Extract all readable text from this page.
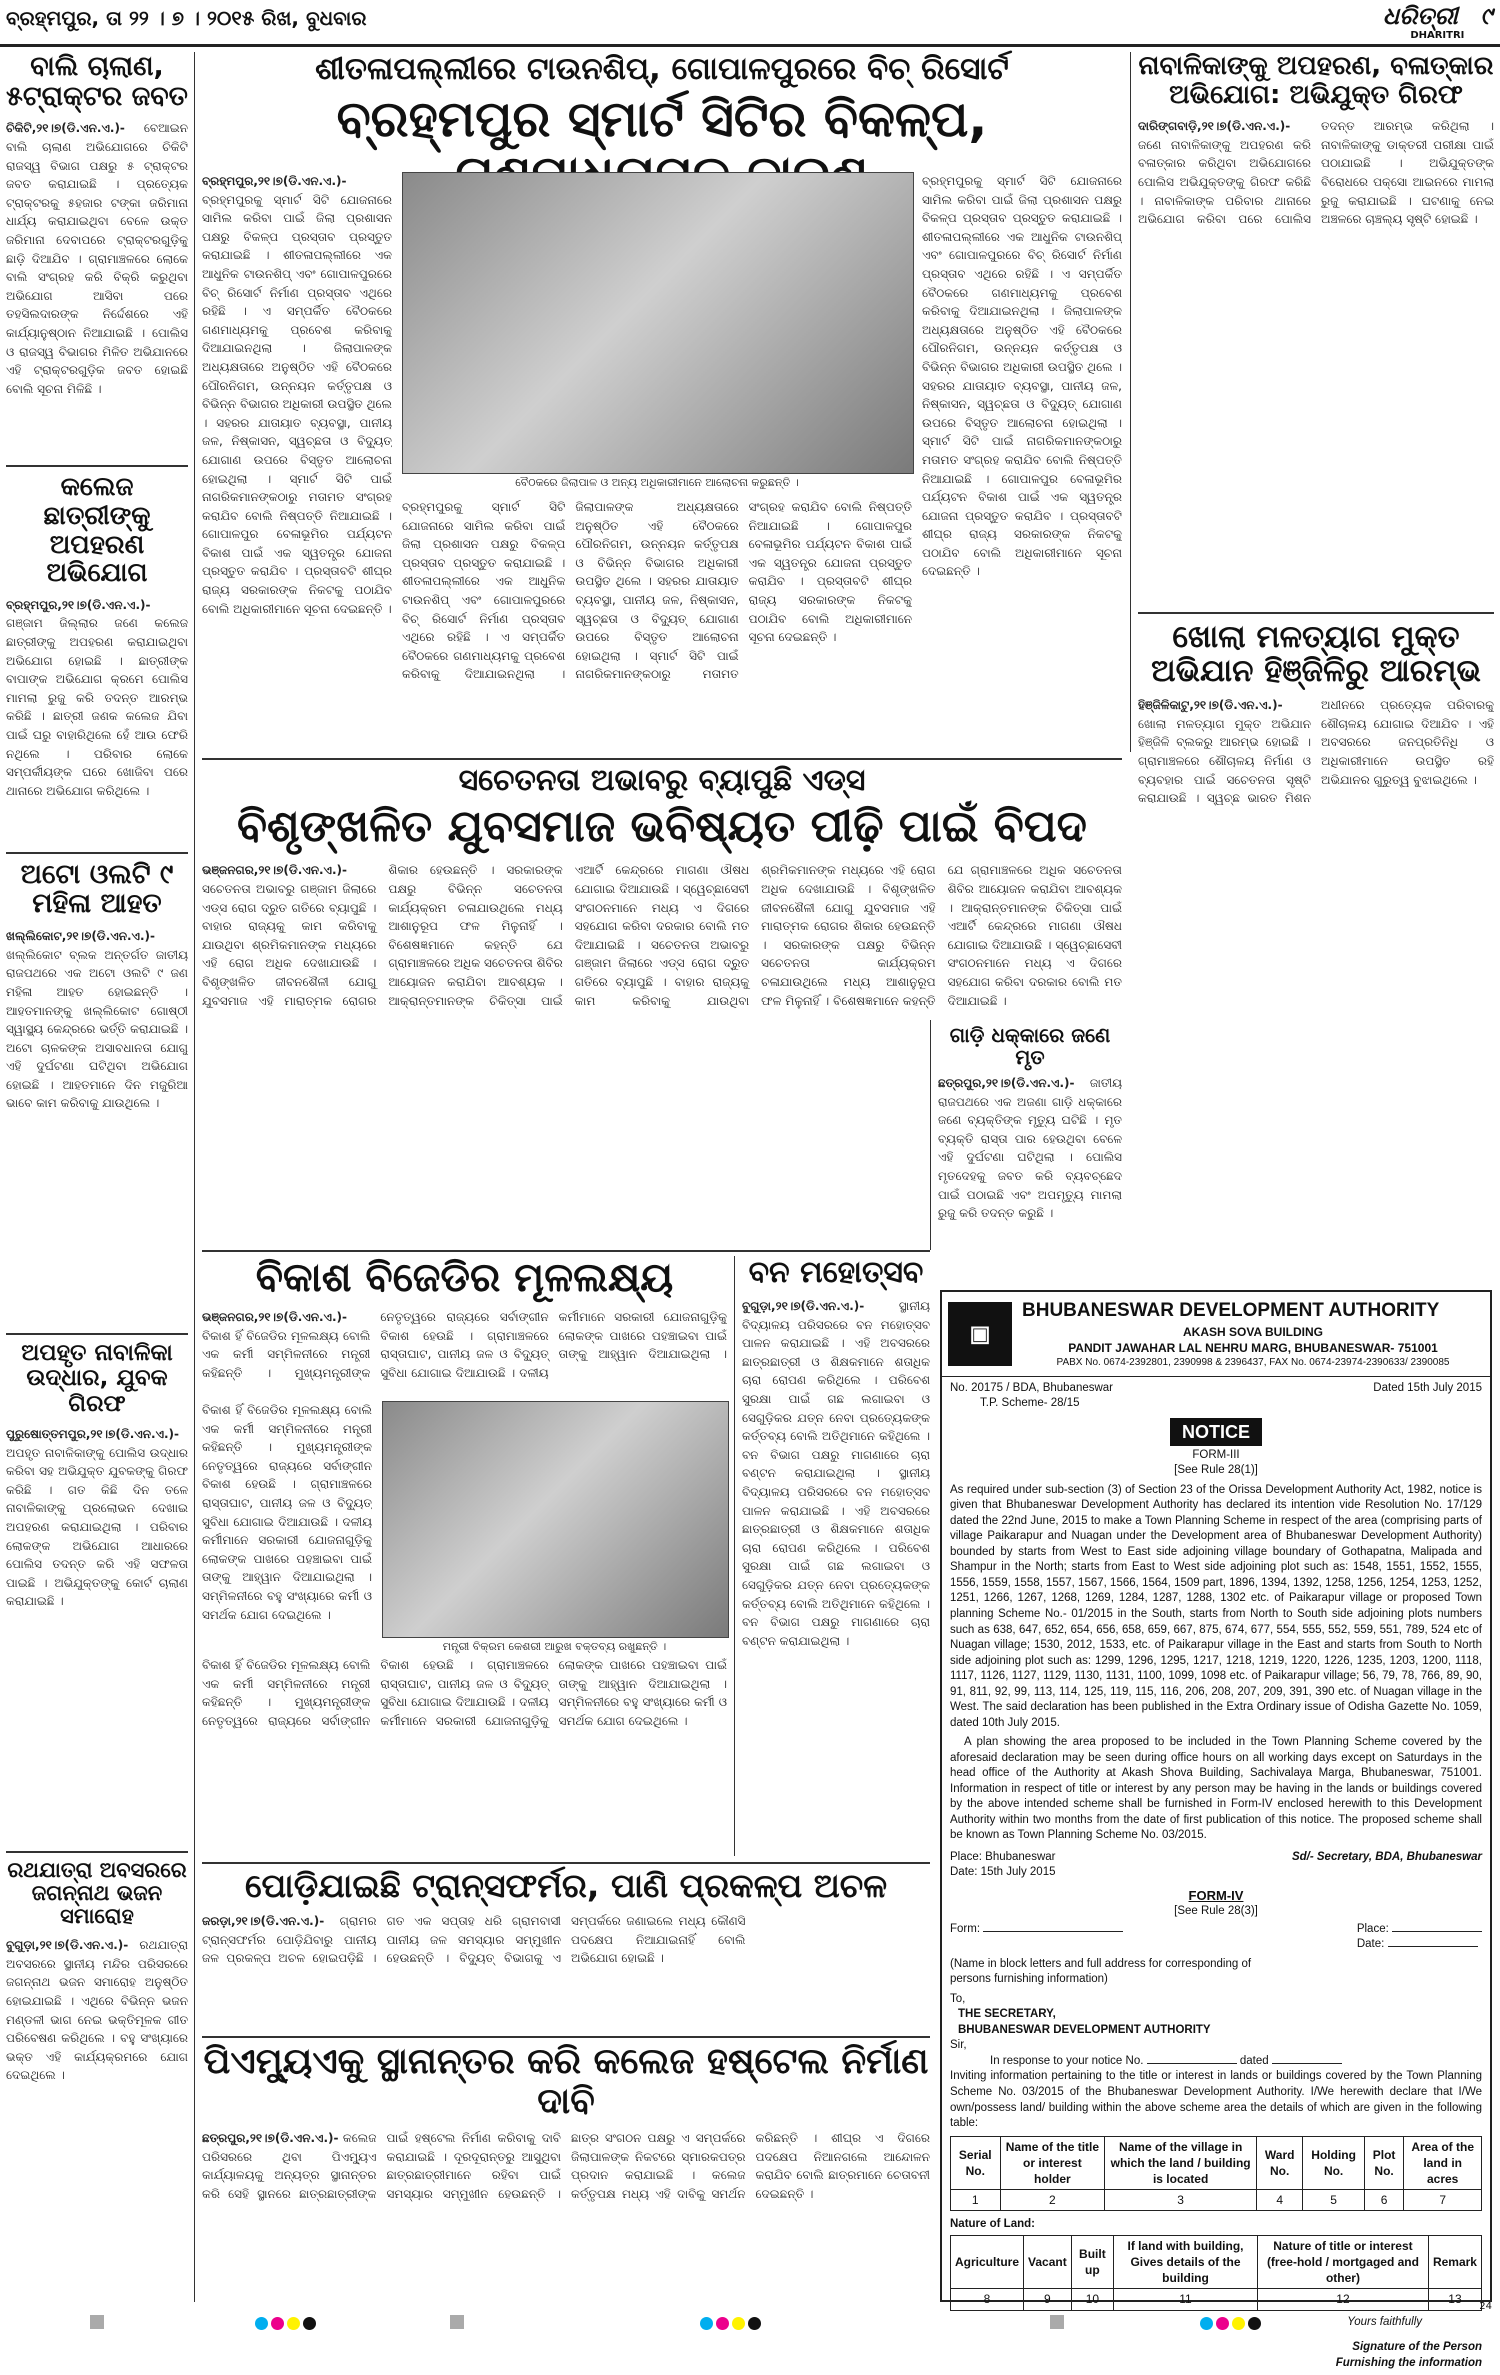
ବ୍ରହ୍ମପୁର, ତା ୨୨ । ୭ । ୨୦୧୫ ରିଖ, ବୁଧବାର	ଧରିତ୍ରୀ ୯
DHARITRI
ବାଲି ଚାଲାଣ, ୫ଟ୍ରାକ୍ଟର ଜବତ
ଚିକିଟି,୨୧।୭(ଡି.ଏନ.ଏ.)- ବେଆଇନ ବାଲି ଚାଲାଣ ଅଭିଯୋଗରେ ଚିକିଟି ରାଜସ୍ୱ ବିଭାଗ ପକ୍ଷରୁ ୫ ଟ୍ରାକ୍ଟର ଜବତ କରାଯାଇଛି । ପ୍ରତ୍ୟେକ ଟ୍ରାକ୍ଟରକୁ ୫ହଜାର ଟଙ୍କା ଜରିମାନା ଧାର୍ଯ୍ୟ କରାଯାଇଥିବା ବେଳେ ଉକ୍ତ ଜରିମାନା ଦେବାପରେ ଟ୍ରାକ୍ଟରଗୁଡ଼ିକୁ ଛାଡ଼ି ଦିଆଯିବ । ଗ୍ରାମାଞ୍ଚଳରେ ଲୋକେ ବାଲି ସଂଗ୍ରହ କରି ବିକ୍ରି କରୁଥିବା ଅଭିଯୋଗ ଆସିବା ପରେ ତହସିଲଦାରଙ୍କ ନିର୍ଦ୍ଦେଶରେ ଏହି କାର୍ଯ୍ୟାନୁଷ୍ଠାନ ନିଆଯାଇଛି । ପୋଲିସ ଓ ରାଜସ୍ୱ ବିଭାଗର ମିଳିତ ଅଭିଯାନରେ ଏହି ଟ୍ରାକ୍ଟରଗୁଡ଼ିକ ଜବତ ହୋଇଛି ବୋଲି ସୂଚନା ମିଳିଛି ।
କଲେଜ ଛାତ୍ରୀଙ୍କୁ ଅପହରଣ ଅଭିଯୋଗ
ବ୍ରହ୍ମପୁର,୨୧।୭(ଡି.ଏନ.ଏ.)- ଗଞ୍ଜାମ ଜିଲ୍ଲାର ଜଣେ କଲେଜ ଛାତ୍ରୀଙ୍କୁ ଅପହରଣ କରାଯାଇଥିବା ଅଭିଯୋଗ ହୋଇଛି । ଛାତ୍ରୀଙ୍କ ବାପାଙ୍କ ଅଭିଯୋଗ କ୍ରମେ ପୋଲିସ ମାମଲା ରୁଜୁ କରି ତଦନ୍ତ ଆରମ୍ଭ କରିଛି । ଛାତ୍ରୀ ଜଣକ କଲେଜ ଯିବା ପାଇଁ ଘରୁ ବାହାରିଥିଲେ ହେଁ ଆଉ ଫେରି ନଥିଲେ । ପରିବାର ଲୋକେ ସମ୍ପର୍କୀୟଙ୍କ ଘରେ ଖୋଜିବା ପରେ ଥାନାରେ ଅଭିଯୋଗ କରିଥିଲେ ।
ଅଟୋ ଓଲଟି ୯ ମହିଳା ଆହତ
ଖଲ୍ଲିକୋଟ,୨୧।୭(ଡି.ଏନ.ଏ.)- ଖଲ୍ଲିକୋଟ ବ୍ଲକ ଅନ୍ତର୍ଗତ ଜାତୀୟ ରାଜପଥରେ ଏକ ଅଟୋ ଓଲଟି ୯ ଜଣ ମହିଳା ଆହତ ହୋଇଛନ୍ତି । ଆହତମାନଙ୍କୁ ଖଲ୍ଲିକୋଟ ଗୋଷ୍ଠୀ ସ୍ୱାସ୍ଥ୍ୟ କେନ୍ଦ୍ରରେ ଭର୍ତ୍ତି କରାଯାଇଛି । ଅଟୋ ଚାଳକଙ୍କ ଅସାବଧାନତା ଯୋଗୁ ଏହି ଦୁର୍ଘଟଣା ଘଟିଥିବା ଅଭିଯୋଗ ହୋଇଛି । ଆହତମାନେ ଦିନ ମଜୁରିଆ ଭାବେ କାମ କରିବାକୁ ଯାଉଥିଲେ ।
ଅପହୃତ ନାବାଳିକା ଉଦ୍ଧାର, ଯୁବକ ଗିରଫ
ପୁରୁଷୋତ୍ତମପୁର,୨୧।୭(ଡି.ଏନ.ଏ.)- ଅପହୃତ ନାବାଳିକାଙ୍କୁ ପୋଲିସ ଉଦ୍ଧାର କରିବା ସହ ଅଭିଯୁକ୍ତ ଯୁବକଙ୍କୁ ଗିରଫ କରିଛି । ଗତ କିଛି ଦିନ ତଳେ ନାବାଳିକାଙ୍କୁ ପ୍ରଲୋଭନ ଦେଖାଇ ଅପହରଣ କରାଯାଇଥିଲା । ପରିବାର ଲୋକଙ୍କ ଅଭିଯୋଗ ଆଧାରରେ ପୋଲିସ ତଦନ୍ତ କରି ଏହି ସଫଳତା ପାଇଛି । ଅଭିଯୁକ୍ତଙ୍କୁ କୋର୍ଟ ଚାଲାଣ କରାଯାଇଛି ।
ରଥଯାତ୍ରା ଅବସରରେ ଜଗନ୍ନାଥ ଭଜନ ସମାରୋହ
ବୁଗୁଡ଼ା,୨୧।୭(ଡି.ଏନ.ଏ.)- ରଥଯାତ୍ରା ଅବସରରେ ସ୍ଥାନୀୟ ମନ୍ଦିର ପରିସରରେ ଜଗନ୍ନାଥ ଭଜନ ସମାରୋହ ଅନୁଷ୍ଠିତ ହୋଇଯାଇଛି । ଏଥିରେ ବିଭିନ୍ନ ଭଜନ ମଣ୍ଡଳୀ ଭାଗ ନେଇ ଭକ୍ତିମୂଳକ ଗୀତ ପରିବେଷଣ କରିଥିଲେ । ବହୁ ସଂଖ୍ୟାରେ ଭକ୍ତ ଏହି କାର୍ଯ୍ୟକ୍ରମରେ ଯୋଗ ଦେଇଥିଲେ ।
ଶୀତଳାପଲ୍ଲୀରେ ଟାଉନଶିପ୍, ଗୋପାଳପୁରରେ ବିଚ୍ ରିସୋର୍ଟ
ବ୍ରହ୍ମପୁର ସ୍ମାର୍ଟ ସିଟିର ବିକଳ୍ପ,
ବ୍ରହ୍ମପୁର,୨୧।୭(ଡି.ଏନ.ଏ.)- ବ୍ରହ୍ମପୁରକୁ ସ୍ମାର୍ଟ ସିଟି ଯୋଜନାରେ ସାମିଲ କରିବା ପାଇଁ ଜିଲା ପ୍ରଶାସନ ପକ୍ଷରୁ ବିକଳ୍ପ ପ୍ରସ୍ତାବ ପ୍ରସ୍ତୁତ କରାଯାଇଛି । ଶୀତଳାପଲ୍ଲୀରେ ଏକ ଆଧୁନିକ ଟାଉନଶିପ୍ ଏବଂ ଗୋପାଳପୁରରେ ବିଚ୍ ରିସୋର୍ଟ ନିର୍ମାଣ ପ୍ରସ୍ତାବ ଏଥିରେ ରହିଛି । ଏ ସମ୍ପର୍କିତ ବୈଠକରେ ଗଣମାଧ୍ୟମକୁ ପ୍ରବେଶ କରିବାକୁ ଦିଆଯାଇନଥିଲା । ଜିଲାପାଳଙ୍କ ଅଧ୍ୟକ୍ଷତାରେ ଅନୁଷ୍ଠିତ ଏହି ବୈଠକରେ ପୌରନିଗମ, ଉନ୍ନୟନ କର୍ତ୍ତୃପକ୍ଷ ଓ ବିଭିନ୍ନ ବିଭାଗର ଅଧିକାରୀ ଉପସ୍ଥିତ ଥିଲେ । ସହରର ଯାତାୟାତ ବ୍ୟବସ୍ଥା, ପାନୀୟ ଜଳ, ନିଷ୍କାସନ, ସ୍ୱଚ୍ଛତା ଓ ବିଦ୍ୟୁତ୍ ଯୋଗାଣ ଉପରେ ବିସ୍ତୃତ ଆଲୋଚନା ହୋଇଥିଲା । ସ୍ମାର୍ଟ ସିଟି ପାଇଁ ନାଗରିକମାନଙ୍କଠାରୁ ମତାମତ ସଂଗ୍ରହ କରାଯିବ ବୋଲି ନିଷ୍ପତ୍ତି ନିଆଯାଇଛି । ଗୋପାଳପୁର ବେଳାଭୂମିର ପର୍ଯ୍ୟଟନ ବିକାଶ ପାଇଁ ଏକ ସ୍ୱତନ୍ତ୍ର ଯୋଜନା ପ୍ରସ୍ତୁତ କରାଯିବ । ପ୍ରସ୍ତାବଟି ଶୀଘ୍ର ରାଜ୍ୟ ସରକାରଙ୍କ ନିକଟକୁ ପଠାଯିବ ବୋଲି ଅଧିକାରୀମାନେ ସୂଚନା ଦେଇଛନ୍ତି ।
ବୈଠକରେ ଜିଲାପାଳ ଓ ଅନ୍ୟ ଅଧିକାରୀମାନେ ଆଲୋଚନା କରୁଛନ୍ତି ।
ବ୍ରହ୍ମପୁରକୁ ସ୍ମାର୍ଟ ସିଟି ଯୋଜନାରେ ସାମିଲ କରିବା ପାଇଁ ଜିଲା ପ୍ରଶାସନ ପକ୍ଷରୁ ବିକଳ୍ପ ପ୍ରସ୍ତାବ ପ୍ରସ୍ତୁତ କରାଯାଇଛି । ଶୀତଳାପଲ୍ଲୀରେ ଏକ ଆଧୁନିକ ଟାଉନଶିପ୍ ଏବଂ ଗୋପାଳପୁରରେ ବିଚ୍ ରିସୋର୍ଟ ନିର୍ମାଣ ପ୍ରସ୍ତାବ ଏଥିରେ ରହିଛି । ଏ ସମ୍ପର୍କିତ ବୈଠକରେ ଗଣମାଧ୍ୟମକୁ ପ୍ରବେଶ କରିବାକୁ ଦିଆଯାଇନଥିଲା । ଜିଲାପାଳଙ୍କ ଅଧ୍ୟକ୍ଷତାରେ ଅନୁଷ୍ଠିତ ଏହି ବୈଠକରେ ପୌରନିଗମ, ଉନ୍ନୟନ କର୍ତ୍ତୃପକ୍ଷ ଓ ବିଭିନ୍ନ ବିଭାଗର ଅଧିକାରୀ ଉପସ୍ଥିତ ଥିଲେ । ସହରର ଯାତାୟାତ ବ୍ୟବସ୍ଥା, ପାନୀୟ ଜଳ, ନିଷ୍କାସନ, ସ୍ୱଚ୍ଛତା ଓ ବିଦ୍ୟୁତ୍ ଯୋଗାଣ ଉପରେ ବିସ୍ତୃତ ଆଲୋଚନା ହୋଇଥିଲା । ସ୍ମାର୍ଟ ସିଟି ପାଇଁ ନାଗରିକମାନଙ୍କଠାରୁ ମତାମତ ସଂଗ୍ରହ କରାଯିବ ବୋଲି ନିଷ୍ପତ୍ତି ନିଆଯାଇଛି । ଗୋପାଳପୁର ବେଳାଭୂମିର ପର୍ଯ୍ୟଟନ ବିକାଶ ପାଇଁ ଏକ ସ୍ୱତନ୍ତ୍ର ଯୋଜନା ପ୍ରସ୍ତୁତ କରାଯିବ । ପ୍ରସ୍ତାବଟି ଶୀଘ୍ର ରାଜ୍ୟ ସରକାରଙ୍କ ନିକଟକୁ ପଠାଯିବ ବୋଲି ଅଧିକାରୀମାନେ ସୂଚନା ଦେଇଛନ୍ତି ।
ବ୍ରହ୍ମପୁରକୁ ସ୍ମାର୍ଟ ସିଟି ଯୋଜନାରେ ସାମିଲ କରିବା ପାଇଁ ଜିଲା ପ୍ରଶାସନ ପକ୍ଷରୁ ବିକଳ୍ପ ପ୍ରସ୍ତାବ ପ୍ରସ୍ତୁତ କରାଯାଇଛି । ଶୀତଳାପଲ୍ଲୀରେ ଏକ ଆଧୁନିକ ଟାଉନଶିପ୍ ଏବଂ ଗୋପାଳପୁରରେ ବିଚ୍ ରିସୋର୍ଟ ନିର୍ମାଣ ପ୍ରସ୍ତାବ ଏଥିରେ ରହିଛି । ଏ ସମ୍ପର୍କିତ ବୈଠକରେ ଗଣମାଧ୍ୟମକୁ ପ୍ରବେଶ କରିବାକୁ ଦିଆଯାଇନଥିଲା । ଜିଲାପାଳଙ୍କ ଅଧ୍ୟକ୍ଷତାରେ ଅନୁଷ୍ଠିତ ଏହି ବୈଠକରେ ପୌରନିଗମ, ଉନ୍ନୟନ କର୍ତ୍ତୃପକ୍ଷ ଓ ବିଭିନ୍ନ ବିଭାଗର ଅଧିକାରୀ ଉପସ୍ଥିତ ଥିଲେ । ସହରର ଯାତାୟାତ ବ୍ୟବସ୍ଥା, ପାନୀୟ ଜଳ, ନିଷ୍କାସନ, ସ୍ୱଚ୍ଛତା ଓ ବିଦ୍ୟୁତ୍ ଯୋଗାଣ ଉପରେ ବିସ୍ତୃତ ଆଲୋଚନା ହୋଇଥିଲା । ସ୍ମାର୍ଟ ସିଟି ପାଇଁ ନାଗରିକମାନଙ୍କଠାରୁ ମତାମତ ସଂଗ୍ରହ କରାଯିବ ବୋଲି ନିଷ୍ପତ୍ତି ନିଆଯାଇଛି । ଗୋପାଳପୁର ବେଳାଭୂମିର ପର୍ଯ୍ୟଟନ ବିକାଶ ପାଇଁ ଏକ ସ୍ୱତନ୍ତ୍ର ଯୋଜନା ପ୍ରସ୍ତୁତ କରାଯିବ । ପ୍ରସ୍ତାବଟି ଶୀଘ୍ର ରାଜ୍ୟ ସରକାରଙ୍କ ନିକଟକୁ ପଠାଯିବ ବୋଲି ଅଧିକାରୀମାନେ ସୂଚନା ଦେଇଛନ୍ତି ।
ନାବାଳିକାଙ୍କୁ ଅପହରଣ, ବଳାତ୍କାର ଅଭିଯୋଗ: ଅଭିଯୁକ୍ତ ଗିରଫ
ଦାରିଙ୍ଗବାଡ଼ି,୨୧।୭(ଡି.ଏନ.ଏ.)- ଜଣେ ନାବାଳିକାଙ୍କୁ ଅପହରଣ କରି ବଳାତ୍କାର କରିଥିବା ଅଭିଯୋଗରେ ପୋଲିସ ଅଭିଯୁକ୍ତଙ୍କୁ ଗିରଫ କରିଛି । ନାବାଳିକାଙ୍କ ପରିବାର ଥାନାରେ ଅଭିଯୋଗ କରିବା ପରେ ପୋଲିସ ତଦନ୍ତ ଆରମ୍ଭ କରିଥିଲା । ନାବାଳିକାଙ୍କୁ ଡାକ୍ତରୀ ପରୀକ୍ଷା ପାଇଁ ପଠାଯାଇଛି । ଅଭିଯୁକ୍ତଙ୍କ ବିରୋଧରେ ପକ୍ସୋ ଆଇନରେ ମାମଲା ରୁଜୁ କରାଯାଇଛି । ଘଟଣାକୁ ନେଇ ଅଞ୍ଚଳରେ ଚାଞ୍ଚଲ୍ୟ ସୃଷ୍ଟି ହୋଇଛି ।
ଖୋଲା ମଳତ୍ୟାଗ ମୁକ୍ତ ଅଭିଯାନ ହିଞ୍ଜିଳିରୁ ଆରମ୍ଭ
ହିଞ୍ଜିଳିକାଟୁ,୨୧।୭(ଡି.ଏନ.ଏ.)- ଖୋଲା ମଳତ୍ୟାଗ ମୁକ୍ତ ଅଭିଯାନ ହିଞ୍ଜିଳି ବ୍ଲକରୁ ଆରମ୍ଭ ହୋଇଛି । ଗ୍ରାମାଞ୍ଚଳରେ ଶୌଚାଳୟ ନିର୍ମାଣ ଓ ବ୍ୟବହାର ପାଇଁ ସଚେତନତା ସୃଷ୍ଟି କରାଯାଉଛି । ସ୍ୱଚ୍ଛ ଭାରତ ମିଶନ ଅଧୀନରେ ପ୍ରତ୍ୟେକ ପରିବାରକୁ ଶୌଚାଳୟ ଯୋଗାଇ ଦିଆଯିବ । ଏହି ଅବସରରେ ଜନପ୍ରତିନିଧି ଓ ଅଧିକାରୀମାନେ ଉପସ୍ଥିତ ରହି ଅଭିଯାନର ଗୁରୁତ୍ୱ ବୁଝାଇଥିଲେ ।
ସଚେତନତା ଅଭାବରୁ ବ୍ୟାପୁଛି ଏଡ୍ସ
ବିଶୃଙ୍ଖଳିତ ଯୁବସମାଜ ଭବିଷ୍ୟତ ପୀଢ଼ି ପାଇଁ ବିପଦ
ଭଞ୍ଜନଗର,୨୧।୭(ଡି.ଏନ.ଏ.)- ସଚେତନତା ଅଭାବରୁ ଗଞ୍ଜାମ ଜିଲାରେ ଏଡ୍ସ ରୋଗ ଦ୍ରୁତ ଗତିରେ ବ୍ୟାପୁଛି । ବାହାର ରାଜ୍ୟକୁ କାମ କରିବାକୁ ଯାଉଥିବା ଶ୍ରମିକମାନଙ୍କ ମଧ୍ୟରେ ଏହି ରୋଗ ଅଧିକ ଦେଖାଯାଉଛି । ବିଶୃଙ୍ଖଳିତ ଜୀବନଶୈଳୀ ଯୋଗୁ ଯୁବସମାଜ ଏହି ମାରାତ୍ମକ ରୋଗର ଶିକାର ହେଉଛନ୍ତି । ସରକାରଙ୍କ ପକ୍ଷରୁ ବିଭିନ୍ନ ସଚେତନତା କାର୍ଯ୍ୟକ୍ରମ ଚଳାଯାଉଥିଲେ ମଧ୍ୟ ଆଶାନୁରୂପ ଫଳ ମିଳୁନାହିଁ । ବିଶେଷଜ୍ଞମାନେ କହନ୍ତି ଯେ ଗ୍ରାମାଞ୍ଚଳରେ ଅଧିକ ସଚେତନତା ଶିବିର ଆୟୋଜନ କରାଯିବା ଆବଶ୍ୟକ । ଆକ୍ରାନ୍ତମାନଙ୍କ ଚିକିତ୍ସା ପାଇଁ ଏଆର୍ଟି କେନ୍ଦ୍ରରେ ମାଗଣା ଔଷଧ ଯୋଗାଇ ଦିଆଯାଉଛି । ସ୍ୱେଚ୍ଛାସେବୀ ସଂଗଠନମାନେ ମଧ୍ୟ ଏ ଦିଗରେ ସହଯୋଗ କରିବା ଦରକାର ବୋଲି ମତ ଦିଆଯାଇଛି । ସଚେତନତା ଅଭାବରୁ ଗଞ୍ଜାମ ଜିଲାରେ ଏଡ୍ସ ରୋଗ ଦ୍ରୁତ ଗତିରେ ବ୍ୟାପୁଛି । ବାହାର ରାଜ୍ୟକୁ କାମ କରିବାକୁ ଯାଉଥିବା ଶ୍ରମିକମାନଙ୍କ ମଧ୍ୟରେ ଏହି ରୋଗ ଅଧିକ ଦେଖାଯାଉଛି । ବିଶୃଙ୍ଖଳିତ ଜୀବନଶୈଳୀ ଯୋଗୁ ଯୁବସମାଜ ଏହି ମାରାତ୍ମକ ରୋଗର ଶିକାର ହେଉଛନ୍ତି । ସରକାରଙ୍କ ପକ୍ଷରୁ ବିଭିନ୍ନ ସଚେତନତା କାର୍ଯ୍ୟକ୍ରମ ଚଳାଯାଉଥିଲେ ମଧ୍ୟ ଆଶାନୁରୂପ ଫଳ ମିଳୁନାହିଁ । ବିଶେଷଜ୍ଞମାନେ କହନ୍ତି ଯେ ଗ୍ରାମାଞ୍ଚଳରେ ଅଧିକ ସଚେତନତା ଶିବିର ଆୟୋଜନ କରାଯିବା ଆବଶ୍ୟକ । ଆକ୍ରାନ୍ତମାନଙ୍କ ଚିକିତ୍ସା ପାଇଁ ଏଆର୍ଟି କେନ୍ଦ୍ରରେ ମାଗଣା ଔଷଧ ଯୋଗାଇ ଦିଆଯାଉଛି । ସ୍ୱେଚ୍ଛାସେବୀ ସଂଗଠନମାନେ ମଧ୍ୟ ଏ ଦିଗରେ ସହଯୋଗ କରିବା ଦରକାର ବୋଲି ମତ ଦିଆଯାଇଛି ।
ଗାଡ଼ି ଧକ୍କାରେ ଜଣେ ମୃତ
ଛତ୍ରପୁର,୨୧।୭(ଡି.ଏନ.ଏ.)- ଜାତୀୟ ରାଜପଥରେ ଏକ ଅଜଣା ଗାଡ଼ି ଧକ୍କାରେ ଜଣେ ବ୍ୟକ୍ତିଙ୍କ ମୃତ୍ୟୁ ଘଟିଛି । ମୃତ ବ୍ୟକ୍ତି ରାସ୍ତା ପାର ହେଉଥିବା ବେଳେ ଏହି ଦୁର୍ଘଟଣା ଘଟିଥିଲା । ପୋଲିସ ମୃତଦେହକୁ ଜବତ କରି ବ୍ୟବଚ୍ଛେଦ ପାଇଁ ପଠାଇଛି ଏବଂ ଅପମୃତ୍ୟୁ ମାମଲା ରୁଜୁ କରି ତଦନ୍ତ କରୁଛି ।
ବିକାଶ ବିଜେଡିର ମୂଳଲକ୍ଷ୍ୟ
ଭଞ୍ଜନଗର,୨୧।୭(ଡି.ଏନ.ଏ.)- ବିକାଶ ହିଁ ବିଜେଡିର ମୂଳଲକ୍ଷ୍ୟ ବୋଲି ଏକ କର୍ମୀ ସମ୍ମିଳନୀରେ ମନ୍ତ୍ରୀ କହିଛନ୍ତି । ମୁଖ୍ୟମନ୍ତ୍ରୀଙ୍କ ନେତୃତ୍ୱରେ ରାଜ୍ୟରେ ସର୍ବାଙ୍ଗୀନ ବିକାଶ ହେଉଛି । ଗ୍ରାମାଞ୍ଚଳରେ ରାସ୍ତାଘାଟ, ପାନୀୟ ଜଳ ଓ ବିଦ୍ୟୁତ୍ ସୁବିଧା ଯୋଗାଇ ଦିଆଯାଉଛି । ଦଳୀୟ କର୍ମୀମାନେ ସରକାରୀ ଯୋଜନାଗୁଡ଼ିକୁ ଲୋକଙ୍କ ପାଖରେ ପହଞ୍ଚାଇବା ପାଇଁ ତାଙ୍କୁ ଆହ୍ୱାନ ଦିଆଯାଇଥିଲା ।
ବିକାଶ ହିଁ ବିଜେଡିର ମୂଳଲକ୍ଷ୍ୟ ବୋଲି ଏକ କର୍ମୀ ସମ୍ମିଳନୀରେ ମନ୍ତ୍ରୀ କହିଛନ୍ତି । ମୁଖ୍ୟମନ୍ତ୍ରୀଙ୍କ ନେତୃତ୍ୱରେ ରାଜ୍ୟରେ ସର୍ବାଙ୍ଗୀନ ବିକାଶ ହେଉଛି । ଗ୍ରାମାଞ୍ଚଳରେ ରାସ୍ତାଘାଟ, ପାନୀୟ ଜଳ ଓ ବିଦ୍ୟୁତ୍ ସୁବିଧା ଯୋଗାଇ ଦିଆଯାଉଛି । ଦଳୀୟ କର୍ମୀମାନେ ସରକାରୀ ଯୋଜନାଗୁଡ଼ିକୁ ଲୋକଙ୍କ ପାଖରେ ପହଞ୍ଚାଇବା ପାଇଁ ତାଙ୍କୁ ଆହ୍ୱାନ ଦିଆଯାଇଥିଲା । ସମ୍ମିଳନୀରେ ବହୁ ସଂଖ୍ୟାରେ କର୍ମୀ ଓ ସମର୍ଥକ ଯୋଗ ଦେଇଥିଲେ ।
ମନ୍ତ୍ରୀ ବିକ୍ରମ କେଶରୀ ଆରୁଖ ବକ୍ତବ୍ୟ ରଖୁଛନ୍ତି ।
ବିକାଶ ହିଁ ବିଜେଡିର ମୂଳଲକ୍ଷ୍ୟ ବୋଲି ଏକ କର୍ମୀ ସମ୍ମିଳନୀରେ ମନ୍ତ୍ରୀ କହିଛନ୍ତି । ମୁଖ୍ୟମନ୍ତ୍ରୀଙ୍କ ନେତୃତ୍ୱରେ ରାଜ୍ୟରେ ସର୍ବାଙ୍ଗୀନ ବିକାଶ ହେଉଛି । ଗ୍ରାମାଞ୍ଚଳରେ ରାସ୍ତାଘାଟ, ପାନୀୟ ଜଳ ଓ ବିଦ୍ୟୁତ୍ ସୁବିଧା ଯୋଗାଇ ଦିଆଯାଉଛି । ଦଳୀୟ କର୍ମୀମାନେ ସରକାରୀ ଯୋଜନାଗୁଡ଼ିକୁ ଲୋକଙ୍କ ପାଖରେ ପହଞ୍ଚାଇବା ପାଇଁ ତାଙ୍କୁ ଆହ୍ୱାନ ଦିଆଯାଇଥିଲା । ସମ୍ମିଳନୀରେ ବହୁ ସଂଖ୍ୟାରେ କର୍ମୀ ଓ ସମର୍ଥକ ଯୋଗ ଦେଇଥିଲେ ।
ବନ ମହୋତ୍ସବ
ବୁଗୁଡ଼ା,୨୧।୭(ଡି.ଏନ.ଏ.)-	ସ୍ଥାନୀୟ ବିଦ୍ୟାଳୟ ପରିସରରେ ବନ ମହୋତ୍ସବ ପାଳନ କରାଯାଇଛି । ଏହି ଅବସରରେ ଛାତ୍ରଛାତ୍ରୀ ଓ ଶିକ୍ଷକମାନେ ଶତାଧିକ ଚାରା ରୋପଣ କରିଥିଲେ । ପରିବେଶ ସୁରକ୍ଷା ପାଇଁ ଗଛ ଲଗାଇବା ଓ ସେଗୁଡ଼ିକର ଯତ୍ନ ନେବା ପ୍ରତ୍ୟେକଙ୍କ କର୍ତ୍ତବ୍ୟ ବୋଲି ଅତିଥିମାନେ କହିଥିଲେ । ବନ ବିଭାଗ ପକ୍ଷରୁ ମାଗଣାରେ ଚାରା ବଣ୍ଟନ କରାଯାଇଥିଲା । ସ୍ଥାନୀୟ ବିଦ୍ୟାଳୟ ପରିସରରେ ବନ ମହୋତ୍ସବ ପାଳନ କରାଯାଇଛି । ଏହି ଅବସରରେ ଛାତ୍ରଛାତ୍ରୀ ଓ ଶିକ୍ଷକମାନେ ଶତାଧିକ ଚାରା ରୋପଣ କରିଥିଲେ । ପରିବେଶ ସୁରକ୍ଷା ପାଇଁ ଗଛ ଲଗାଇବା ଓ ସେଗୁଡ଼ିକର ଯତ୍ନ ନେବା ପ୍ରତ୍ୟେକଙ୍କ କର୍ତ୍ତବ୍ୟ ବୋଲି ଅତିଥିମାନେ କହିଥିଲେ । ବନ ବିଭାଗ ପକ୍ଷରୁ ମାଗଣାରେ ଚାରା ବଣ୍ଟନ କରାଯାଇଥିଲା ।
ପୋଡ଼ିଯାଇଛି ଟ୍ରାନ୍ସଫର୍ମର, ପାଣି ପ୍ରକଳ୍ପ ଅଚଳ
ଜରଡ଼ା,୨୧।୭(ଡି.ଏନ.ଏ.)- ଗ୍ରାମର ଟ୍ରାନ୍ସଫର୍ମର ପୋଡ଼ିଯିବାରୁ ପାନୀୟ ଜଳ ପ୍ରକଳ୍ପ ଅଚଳ ହୋଇପଡ଼ିଛି । ଗତ ଏକ ସପ୍ତାହ ଧରି ଗ୍ରାମବାସୀ ପାନୀୟ ଜଳ ସମସ୍ୟାର ସମ୍ମୁଖୀନ ହେଉଛନ୍ତି । ବିଦ୍ୟୁତ୍ ବିଭାଗକୁ ଏ ସମ୍ପର୍କରେ ଜଣାଇଲେ ମଧ୍ୟ କୌଣସି ପଦକ୍ଷେପ ନିଆଯାଇନାହିଁ ବୋଲି ଅଭିଯୋଗ ହୋଇଛି ।
ପିଏମ୍ୟୁଏକୁ ସ୍ଥାନାନ୍ତର କରି କଲେଜ ହଷ୍ଟେଲ ନିର୍ମାଣ ଦାବି
ଛତ୍ରପୁର,୨୧।୭(ଡି.ଏନ.ଏ.)- କଲେଜ ପରିସରରେ ଥିବା ପିଏମ୍ୟୁଏ କାର୍ଯ୍ୟାଳୟକୁ ଅନ୍ୟତ୍ର ସ୍ଥାନାନ୍ତର କରି ସେହି ସ୍ଥାନରେ ଛାତ୍ରଛାତ୍ରୀଙ୍କ ପାଇଁ ହଷ୍ଟେଲ ନିର୍ମାଣ କରିବାକୁ ଦାବି କରାଯାଇଛି । ଦୂରଦୂରାନ୍ତରୁ ଆସୁଥିବା ଛାତ୍ରଛାତ୍ରୀମାନେ ରହିବା ପାଇଁ ସମସ୍ୟାର ସମ୍ମୁଖୀନ ହେଉଛନ୍ତି । ଛାତ୍ର ସଂଗଠନ ପକ୍ଷରୁ ଏ ସମ୍ପର୍କରେ ଜିଲାପାଳଙ୍କ ନିକଟରେ ସ୍ମାରକପତ୍ର ପ୍ରଦାନ କରାଯାଇଛି । କଲେଜ କର୍ତ୍ତୃପକ୍ଷ ମଧ୍ୟ ଏହି ଦାବିକୁ ସମର୍ଥନ କରିଛନ୍ତି । ଶୀଘ୍ର ଏ ଦିଗରେ ପଦକ୍ଷେପ ନିଆନଗଲେ ଆନ୍ଦୋଳନ କରାଯିବ ବୋଲି ଛାତ୍ରମାନେ ଚେତାବନୀ ଦେଇଛନ୍ତି ।
▣
BHUBANESWAR DEVELOPMENT AUTHORITY
AKASH SOVA BUILDING
PANDIT JAWAHAR LAL NEHRU MARG, BHUBANESWAR- 751001
PABX No. 0674-2392801, 2390998 & 2396437, FAX No. 0674-23974-2390633/ 2390085
No. 20175 / BDA, Bhubaneswar	Dated 15th July 2015
T.P. Scheme- 28/15
NOTICE
FORM-III
[See Rule 28(1)]
As required under sub-section (3) of Section 23 of the Orissa Development Authority Act, 1982, notice is given that Bhubaneswar Development Authority has declared its intention vide Resolution No. 17/129 dated the 22nd June, 2015 to make a Town Planning Scheme in respect of the area (comprising parts of village Paikarapur and Nuagan under the Development area of Bhubaneswar Development Authority) bounded by starts from West to East side adjoining village boundary of Gothapatna, Malipada and Shampur in the North; starts from East to West side adjoining plot such as: 1548, 1551, 1552, 1555, 1556, 1559, 1558, 1557, 1567, 1566, 1564, 1509 part, 1896, 1394, 1392, 1258, 1256, 1254, 1253, 1252, 1251, 1266, 1267, 1268, 1269, 1284, 1287, 1288, 1302 etc. of Paikarapur village or proposed Town planning Scheme No.- 01/2015 in the South, starts from North to South side adjoining plots numbers such as 638, 647, 652, 654, 656, 658, 659, 667, 875, 674, 677, 554, 555, 552, 559, 551, 789, 524 etc of Nuagan village; 1530, 2012, 1533, etc. of Paikarapur village in the East and starts from South to North side adjoining plot such as: 1299, 1296, 1295, 1217, 1218, 1219, 1220, 1226, 1235, 1203, 1200, 1118, 1117, 1126, 1127, 1129, 1130, 1131, 1100, 1099, 1098 etc. of Paikarapur village; 56, 79, 78, 766, 89, 90, 91, 811, 92, 99, 113, 114, 125, 119, 115, 116, 206, 208, 207, 209, 391, 390 etc. of Nuagan village in the West. The said declaration has been published in the Extra Ordinary issue of Odisha Gazette No. 1059, dated 10th July 2015.
A plan showing the area proposed to be included in the Town Planning Scheme covered by the aforesaid declaration may be seen during office hours on all working days except on Saturdays in the head office of the Authority at Akash Shova Building, Sachivalaya Marga, Bhubaneswar, 751001. Information in respect of title or interest by any person may be having in the lands or buildings covered by the above intended scheme shall be furnished in Form-IV enclosed herewith to this Development Authority within two months from the date of first publication of this notice. The proposed scheme shall be known as Town Planning Scheme No. 03/2015.
Place: Bhubaneswar
Date: 15th July 2015
Sd/- Secretary, BDA, Bhubaneswar
FORM-IV
[See Rule 28(3)]
Form:	Place:
Date:
(Name in block letters and full address for corresponding of persons furnishing information)
To,
THE SECRETARY,
BHUBANESWAR DEVELOPMENT AUTHORITY
Sir,
In response to your notice No.	dated
Inviting information pertaining to the title or interest in lands or buildings covered by the Town Planning Scheme No. 03/2015 of the Bhubaneswar Development Authority. I/We herewith declare that I/We own/possess land/ building within the above scheme area the details of which are given in the following table:
Serial No.	Name of the title or interest holder	Name of the village in which the land / building is located	Ward No.	Holding No.	Plot No.	Area of the land in acres
1	2	3	4	5	6	7
Nature of Land:
Agriculture	Vacant	Built up	If land with building, Gives details of the building	Nature of title or interest (free-hold / mortgaged and other)	Remark
8	9	10	11	12	13
Yours faithfully
Signature of the Person Furnishing the information
24
